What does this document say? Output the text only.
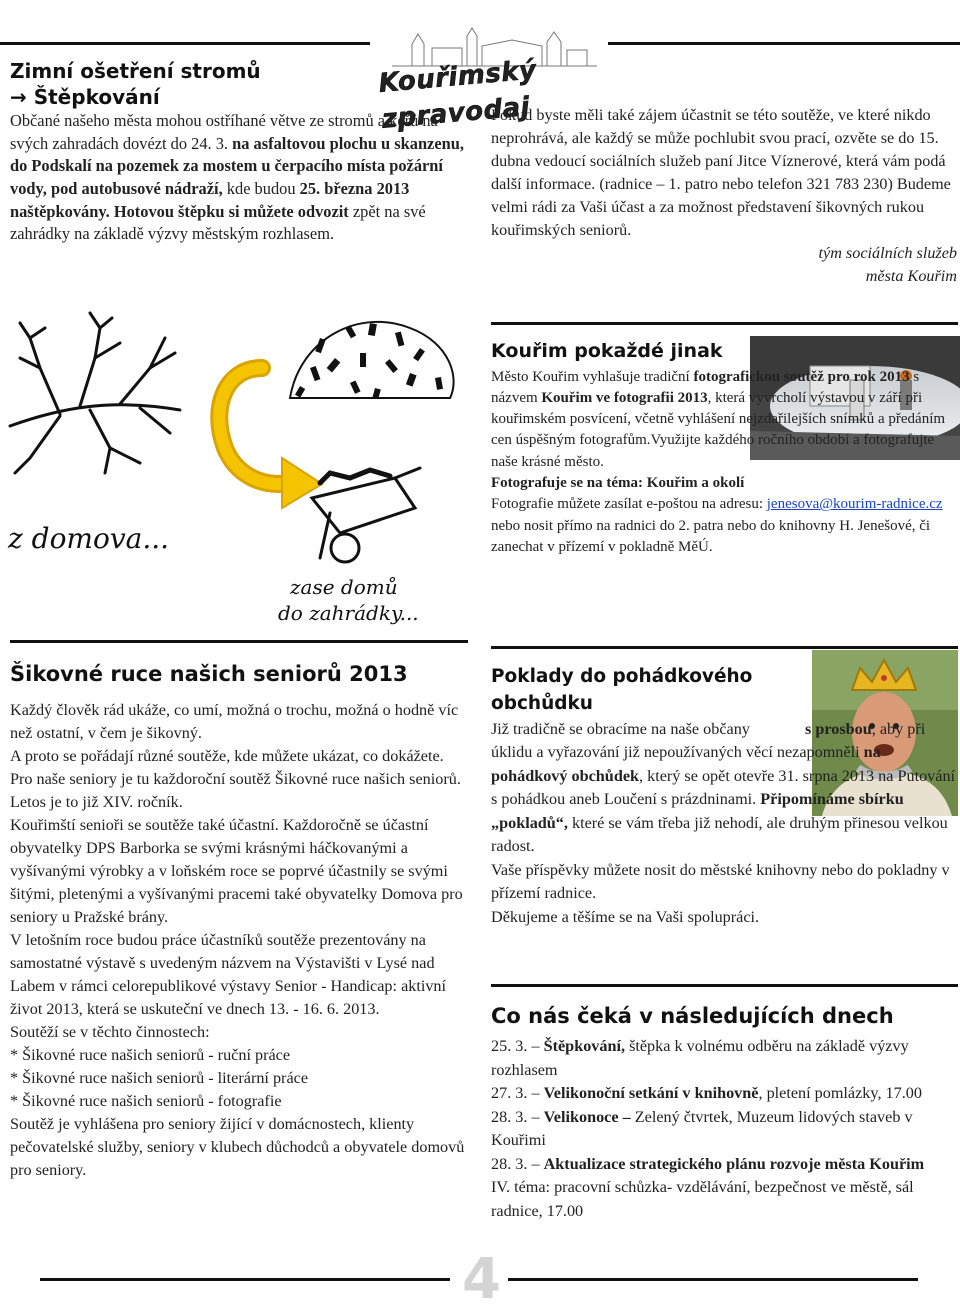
Kouřimský zpravodaj
Zimní ošetření stromů
→ Štěpkování

Občané našeho města mohou ostříhané větve ze stromů a keřů na svých zahradách dovézt do 24. 3. na asfaltovou plochu u skanzenu, do Podskalí na pozemek za mostem u čerpacího místa požární vody, pod autobusové nádraží, kde budou 25. března 2013 naštěpkovány. Hotovou štěpku si můžete odvozit zpět na své zahrádky na základě výzvy městským rozhlasem.

z domova...
zase domů
do zahrádky...

Pokud byste měli také zájem účastnit se této soutěže, ve které nikdo neprohrává, ale každý se může pochlubit svou prací, ozvěte se do 15. dubna vedoucí sociálních služeb paní Jitce Víznerové, která vám podá další informace. (radnice – 1. patro nebo telefon 321 783 230) Budeme velmi rádi za Vaši účast a za možnost představení šikovných rukou kouřimských seniorů.

tým sociálních služeb

města Kouřim

Kouřim pokaždé jinak

Město Kouřim vyhlašuje tradiční fotografickou soutěž pro rok 2013 s názvem Kouřim ve fotografii 2013, která vyvrcholí výstavou v září při kouřimském posvícení, včetně vyhlášení nejzdařilejších snímků a předáním cen úspěšným fotografům.Využijte každého ročního období a fotografujte naše krásné město.

Fotografuje se na téma: Kouřim a okolí

Fotografie můžete zasílat e-poštou na adresu: jenesova@kourim-radnice.cz nebo nosit přímo na radnici do 2. patra nebo do knihovny H. Jenešové, či zanechat v přízemí v pokladně MěÚ.

Šikovné ruce našich seniorů 2013

Každý člověk rád ukáže, co umí, možná o trochu, možná o hodně víc než ostatní, v čem je šikovný.

A proto se pořádají různé soutěže, kde můžete ukázat, co dokážete.

Pro naše seniory je tu každoroční soutěž Šikovné ruce našich seniorů. Letos je to již XIV. ročník.

Kouřimští senioři se soutěže také účastní. Každoročně se účastní obyvatelky DPS Barborka se svými krásnými háčkovanými a vyšívanými výrobky a v loňském roce se poprvé účastnily se svými šitými, pletenými a vyšívanými pracemi také obyvatelky Domova pro seniory u Pražské brány.

V letošním roce budou práce účastníků soutěže prezentovány na samostatné výstavě s uvedeným názvem na Výstavišti v Lysé nad Labem v rámci celorepublikové výstavy Senior - Handicap: aktivní život 2013, která se uskuteční ve dnech 13. - 16. 6. 2013.

Soutěží se v těchto činnostech:

* Šikovné ruce našich seniorů - ruční práce

* Šikovné ruce našich seniorů - literární práce

* Šikovné ruce našich seniorů - fotografie

Soutěž je vyhlášena pro seniory žijící v domácnostech, klienty pečovatelské služby, seniory v klubech důchodců a obyvatele domovů pro seniory.

Poklady do pohádkového
obchůdku

Již tradičně se obracíme na naše občany	s prosbou, aby při úklidu a vyřazování již nepoužívaných věcí nezapomněli na pohádkový obchůdek, který se opět otevře 31. srpna 2013 na Putování s pohádkou aneb Loučení s prázdninami. Připomínáme sbírku „pokladů“, které se vám třeba již nehodí, ale druhým přinesou velkou radost.

Vaše příspěvky můžete nosit do městské knihovny nebo do pokladny v přízemí radnice.

Děkujeme a těšíme se na Vaši spolupráci.

Co nás čeká v následujících dnech

25. 3. – Štěpkování, štěpka k volnému odběru na základě výzvy rozhlasem

27. 3. – Velikonoční setkání v knihovně, pletení pomlázky, 17.00

28. 3. – Velikonoce – Zelený čtvrtek, Muzeum lidových staveb v Kouřimi

28. 3. – Aktualizace strategického plánu rozvoje města Kouřim
IV. téma: pracovní schůzka- vzdělávání, bezpečnost ve městě, sál radnice, 17.00

4
